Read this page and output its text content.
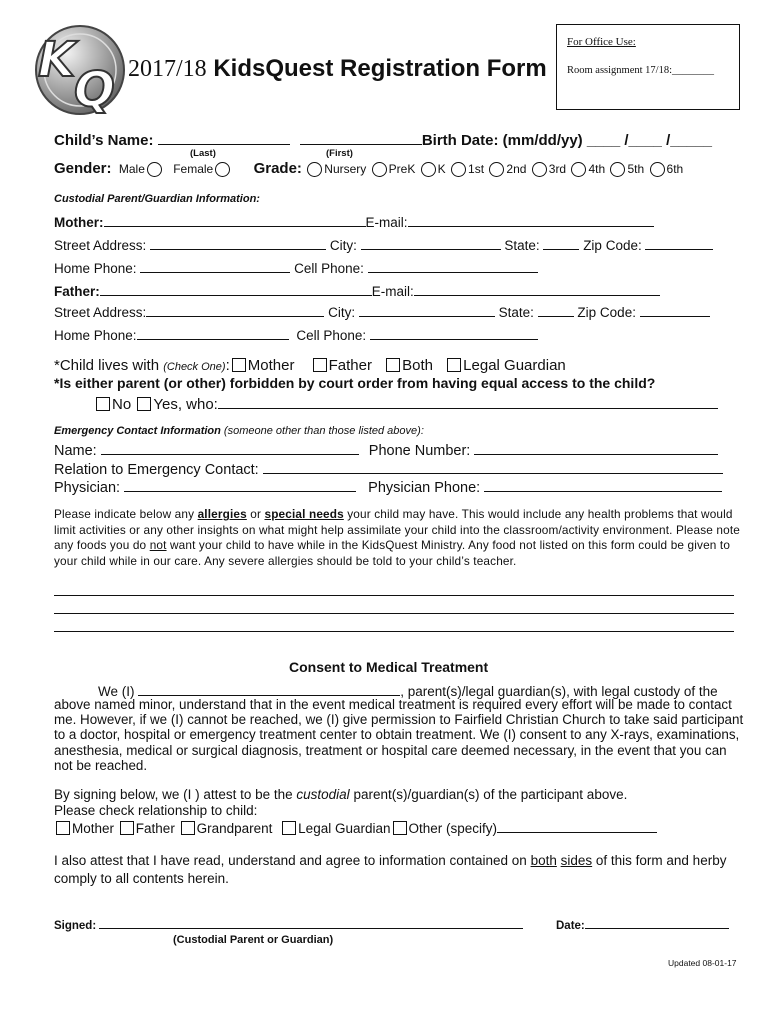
K
Q 2017/18 KidsQuest Registration Form
For Office Use:
Room assignment 17/18:________
Child’s Name:	Birth Date: (mm/dd/yy) ____ /____ /_____
(Last)	(First)
Gender: Male Female	Grade: Nursery PreK K 1st 2nd 3rd 4th 5th 6th
Custodial Parent/Guardian Information:
Mother:	E-mail:
Street Address:	City:	State:	Zip Code:
Home Phone:	Cell Phone:
Father:	E-mail:
Street Address:	City:	State:	Zip Code:
Home Phone:	Cell Phone:
*Child lives with (Check One): Mother Father Both Legal Guardian
*Is either parent (or other) forbidden by court order from having equal access to the child?
No Yes, who:
Emergency Contact Information (someone other than those listed above):
Name:	Phone Number:
Relation to Emergency Contact:
Physician:	Physician Phone:

Please indicate below any allergies or special needs your child may have. This would include any health problems that would limit activities or any other insights on what might help assimilate your child into the classroom/activity environment. Please note any foods you do not want your child to have while in the KidsQuest Ministry. Any food not listed on this form could be given to your child while in our care. Any severe allergies should be told to your child’s teacher.

Consent to Medical Treatment
We (I)	, parent(s)/legal guardian(s), with legal custody of the

above named minor, understand that in the event medical treatment is required every effort will be made to contact me. However, if we (I) cannot be reached, we (I) give permission to Fairfield Christian Church to take said participant to a doctor, hospital or emergency treatment center to obtain treatment. We (I) consent to any X-rays, examinations, anesthesia, medical or surgical diagnosis, treatment or hospital care deemed necessary, in the event that you can not be reached.

By signing below, we (I ) attest to be the custodial parent(s)/guardian(s) of the participant above.
Please check relationship to child:

Mother Father Grandparent Legal Guardian Other (specify)

I also attest that I have read, understand and agree to information contained on both sides of this form and herby comply to all contents herein.

Signed:	Date:
(Custodial Parent or Guardian)
Updated 08-01-17
